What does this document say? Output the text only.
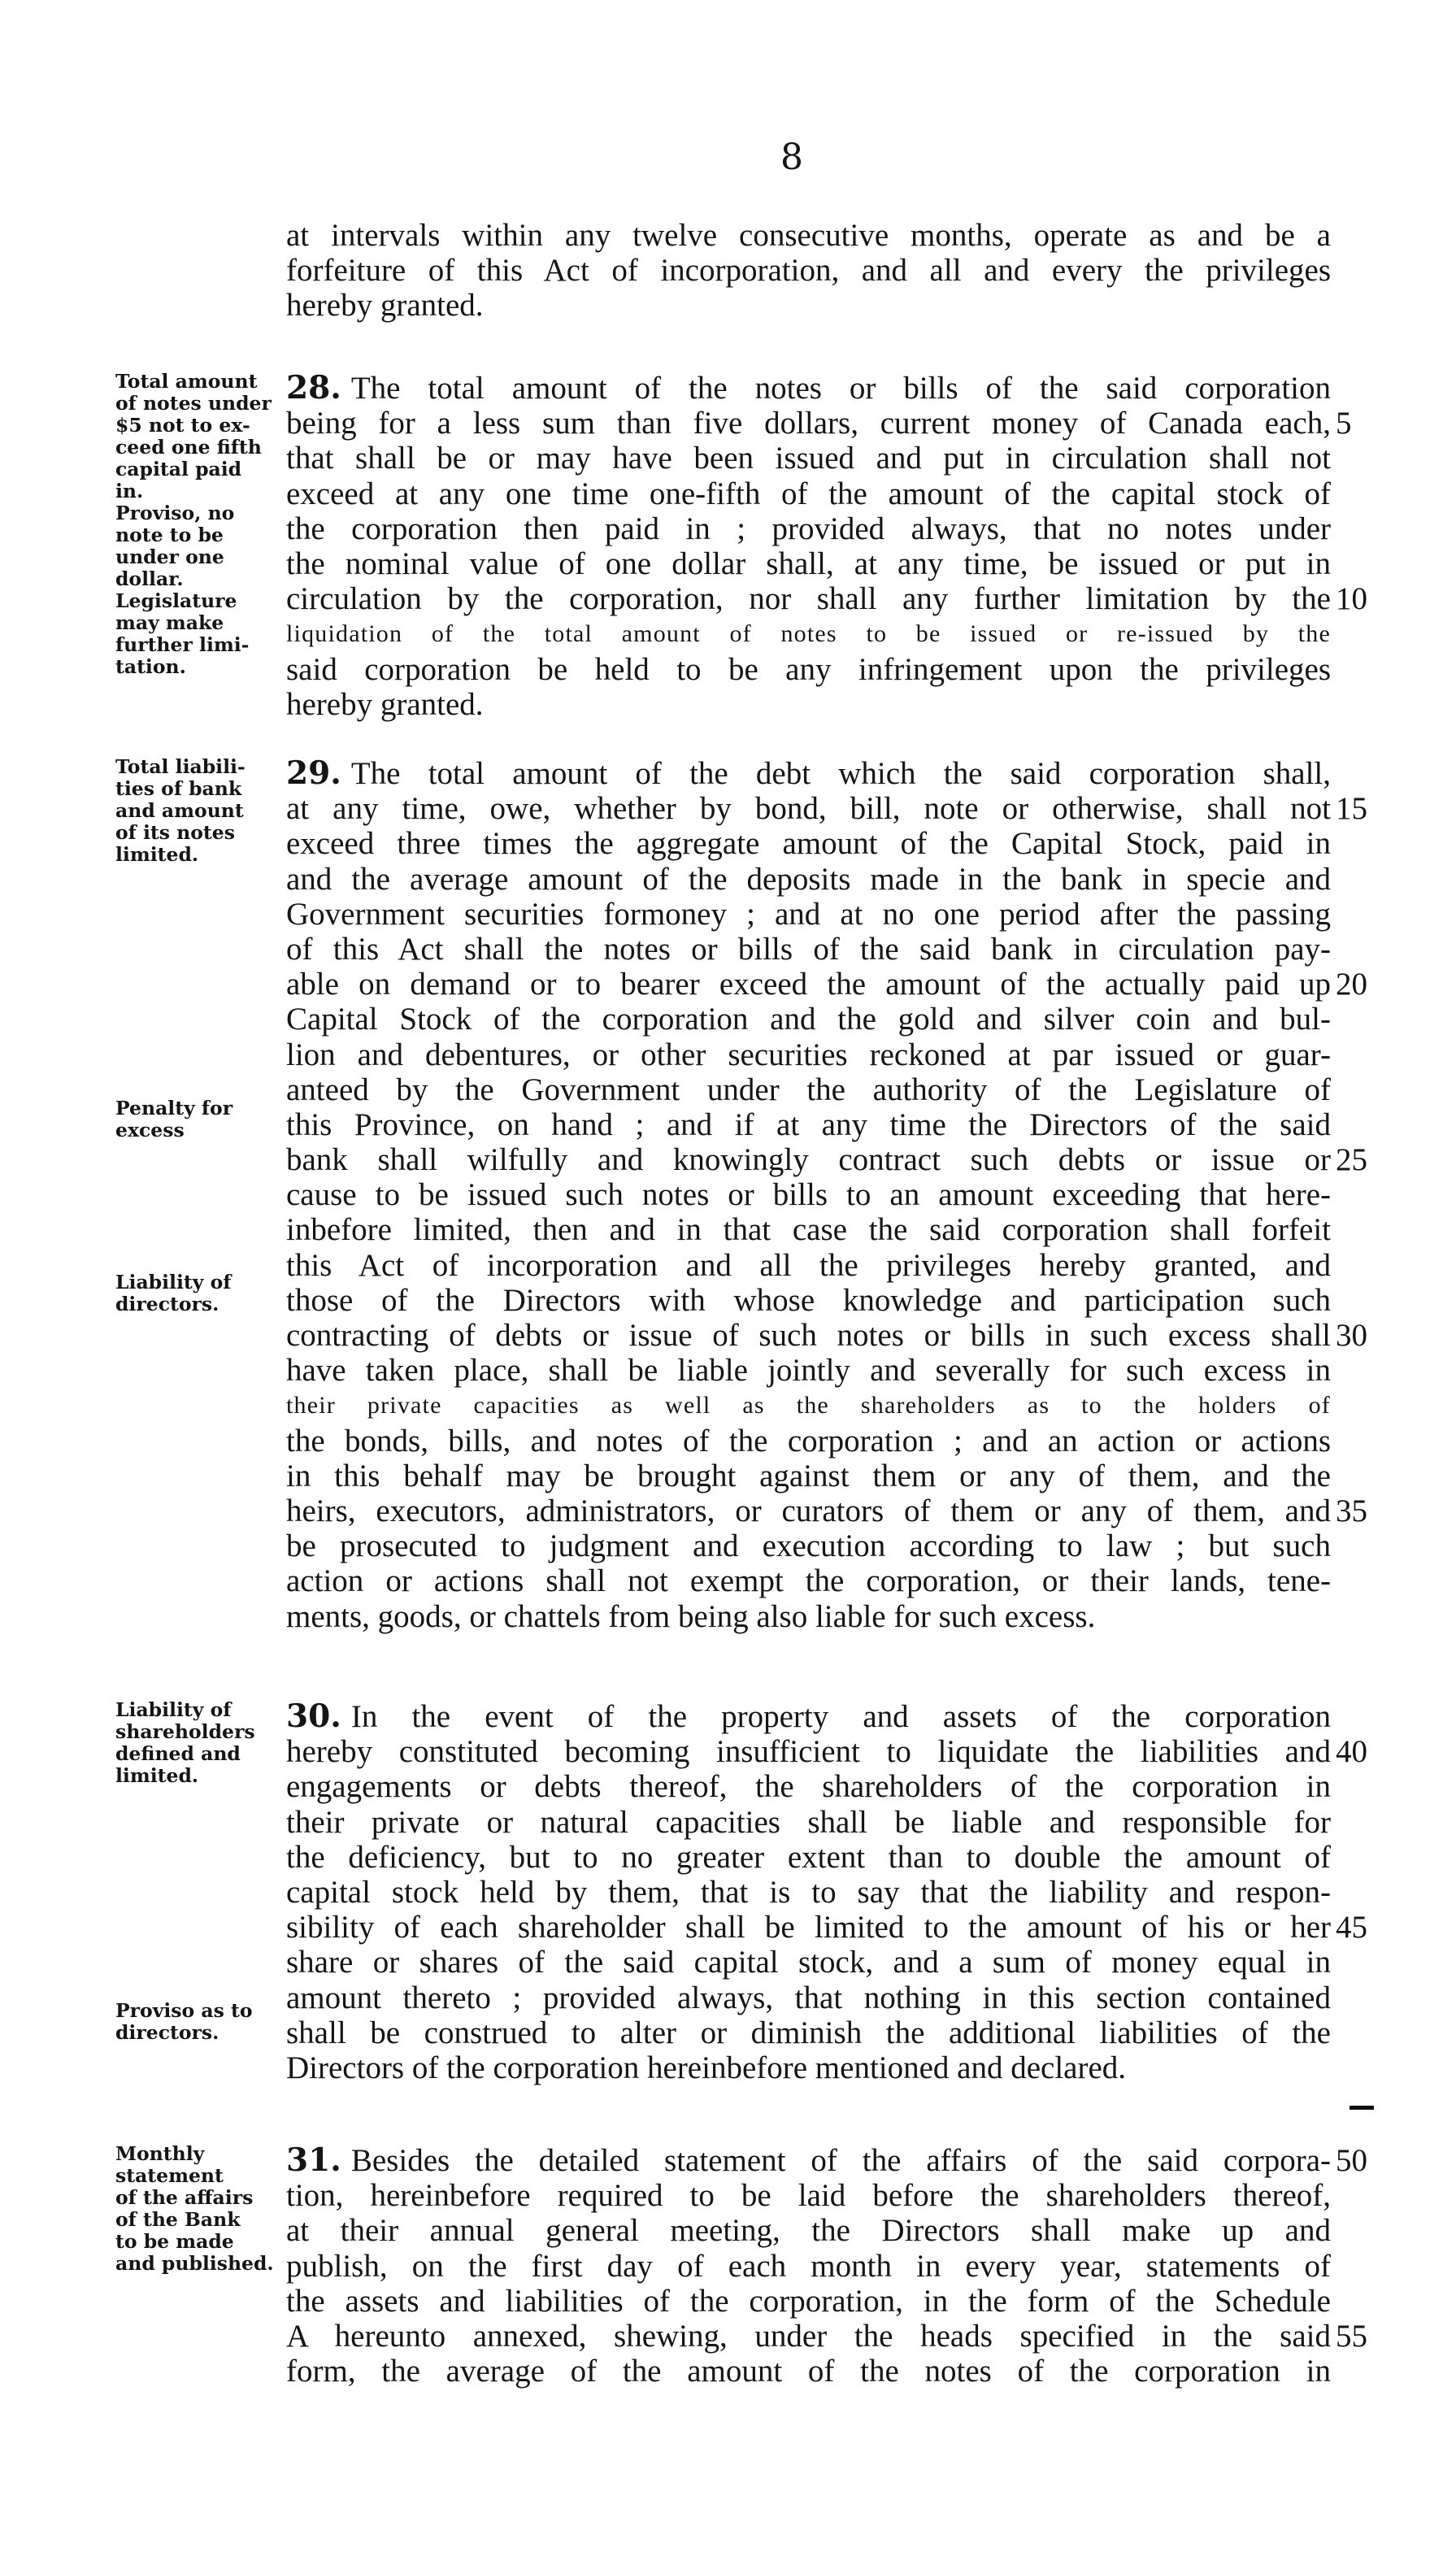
8
at intervals within any twelve consecutive months, operate as and be a
forfeiture of this Act of incorporation, and all and every the privileges
hereby granted.
Total amount
of notes under
$5 not to ex-
ceed one fifth
capital paid
in.
Proviso, no
note to be
under one
dollar.
Legislature
may make
further limi-
tation.
28. The total amount of the notes or bills of the said corporation
being for a less sum than five dollars, current money of Canada each,
that shall be or may have been issued and put in circulation shall not
exceed at any one time one-fifth of the amount of the capital stock of
the corporation then paid in ; provided always, that no notes under
the nominal value of one dollar shall, at any time, be issued or put in
circulation by the corporation, nor shall any further limitation by the
liquidation of the total amount of notes to be issued or re-issued by the
said corporation be held to be any infringement upon the privileges
hereby granted.
Total liabili-
ties of bank
and amount
of its notes
limited.
Penalty for
excess
Liability of
directors.
29. The total amount of the debt which the said corporation shall,
at any time, owe, whether by bond, bill, note or otherwise, shall not
exceed three times the aggregate amount of the Capital Stock, paid in
and the average amount of the deposits made in the bank in specie and
Government securities formoney ; and at no one period after the passing
of this Act shall the notes or bills of the said bank in circulation pay-
able on demand or to bearer exceed the amount of the actually paid up
Capital Stock of the corporation and the gold and silver coin and bul-
lion and debentures, or other securities reckoned at par issued or guar-
anteed by the Government under the authority of the Legislature of
this Province, on hand ; and if at any time the Directors of the said
bank shall wilfully and knowingly contract such debts or issue or
cause to be issued such notes or bills to an amount exceeding that here-
inbefore limited, then and in that case the said corporation shall forfeit
this Act of incorporation and all the privileges hereby granted, and
those of the Directors with whose knowledge and participation such
contracting of debts or issue of such notes or bills in such excess shall
have taken place, shall be liable jointly and severally for such excess in
their private capacities as well as the shareholders as to the holders of
the bonds, bills, and notes of the corporation ; and an action or actions
in this behalf may be brought against them or any of them, and the
heirs, executors, administrators, or curators of them or any of them, and
be prosecuted to judgment and execution according to law ; but such
action or actions shall not exempt the corporation, or their lands, tene-
ments, goods, or chattels from being also liable for such excess.
Liability of
shareholders
defined and
limited.
Proviso as to
directors.
30. In the event of the property and assets of the corporation
hereby constituted becoming insufficient to liquidate the liabilities and
engagements or debts thereof, the shareholders of the corporation in
their private or natural capacities shall be liable and responsible for
the deficiency, but to no greater extent than to double the amount of
capital stock held by them, that is to say that the liability and respon-
sibility of each shareholder shall be limited to the amount of his or her
share or shares of the said capital stock, and a sum of money equal in
amount thereto ; provided always, that nothing in this section contained
shall be construed to alter or diminish the additional liabilities of the
Directors of the corporation hereinbefore mentioned and declared.
Monthly
statement
of the affairs
of the Bank
to be made
and published.
31. Besides the detailed statement of the affairs of the said corpora-
tion, hereinbefore required to be laid before the shareholders thereof,
at their annual general meeting, the Directors shall make up and
publish, on the first day of each month in every year, statements of
the assets and liabilities of the corporation, in the form of the Schedule
A hereunto annexed, shewing, under the heads specified in the said
form, the average of the amount of the notes of the corporation in
5
10
15
20
25
30
35
40
45
50
55
